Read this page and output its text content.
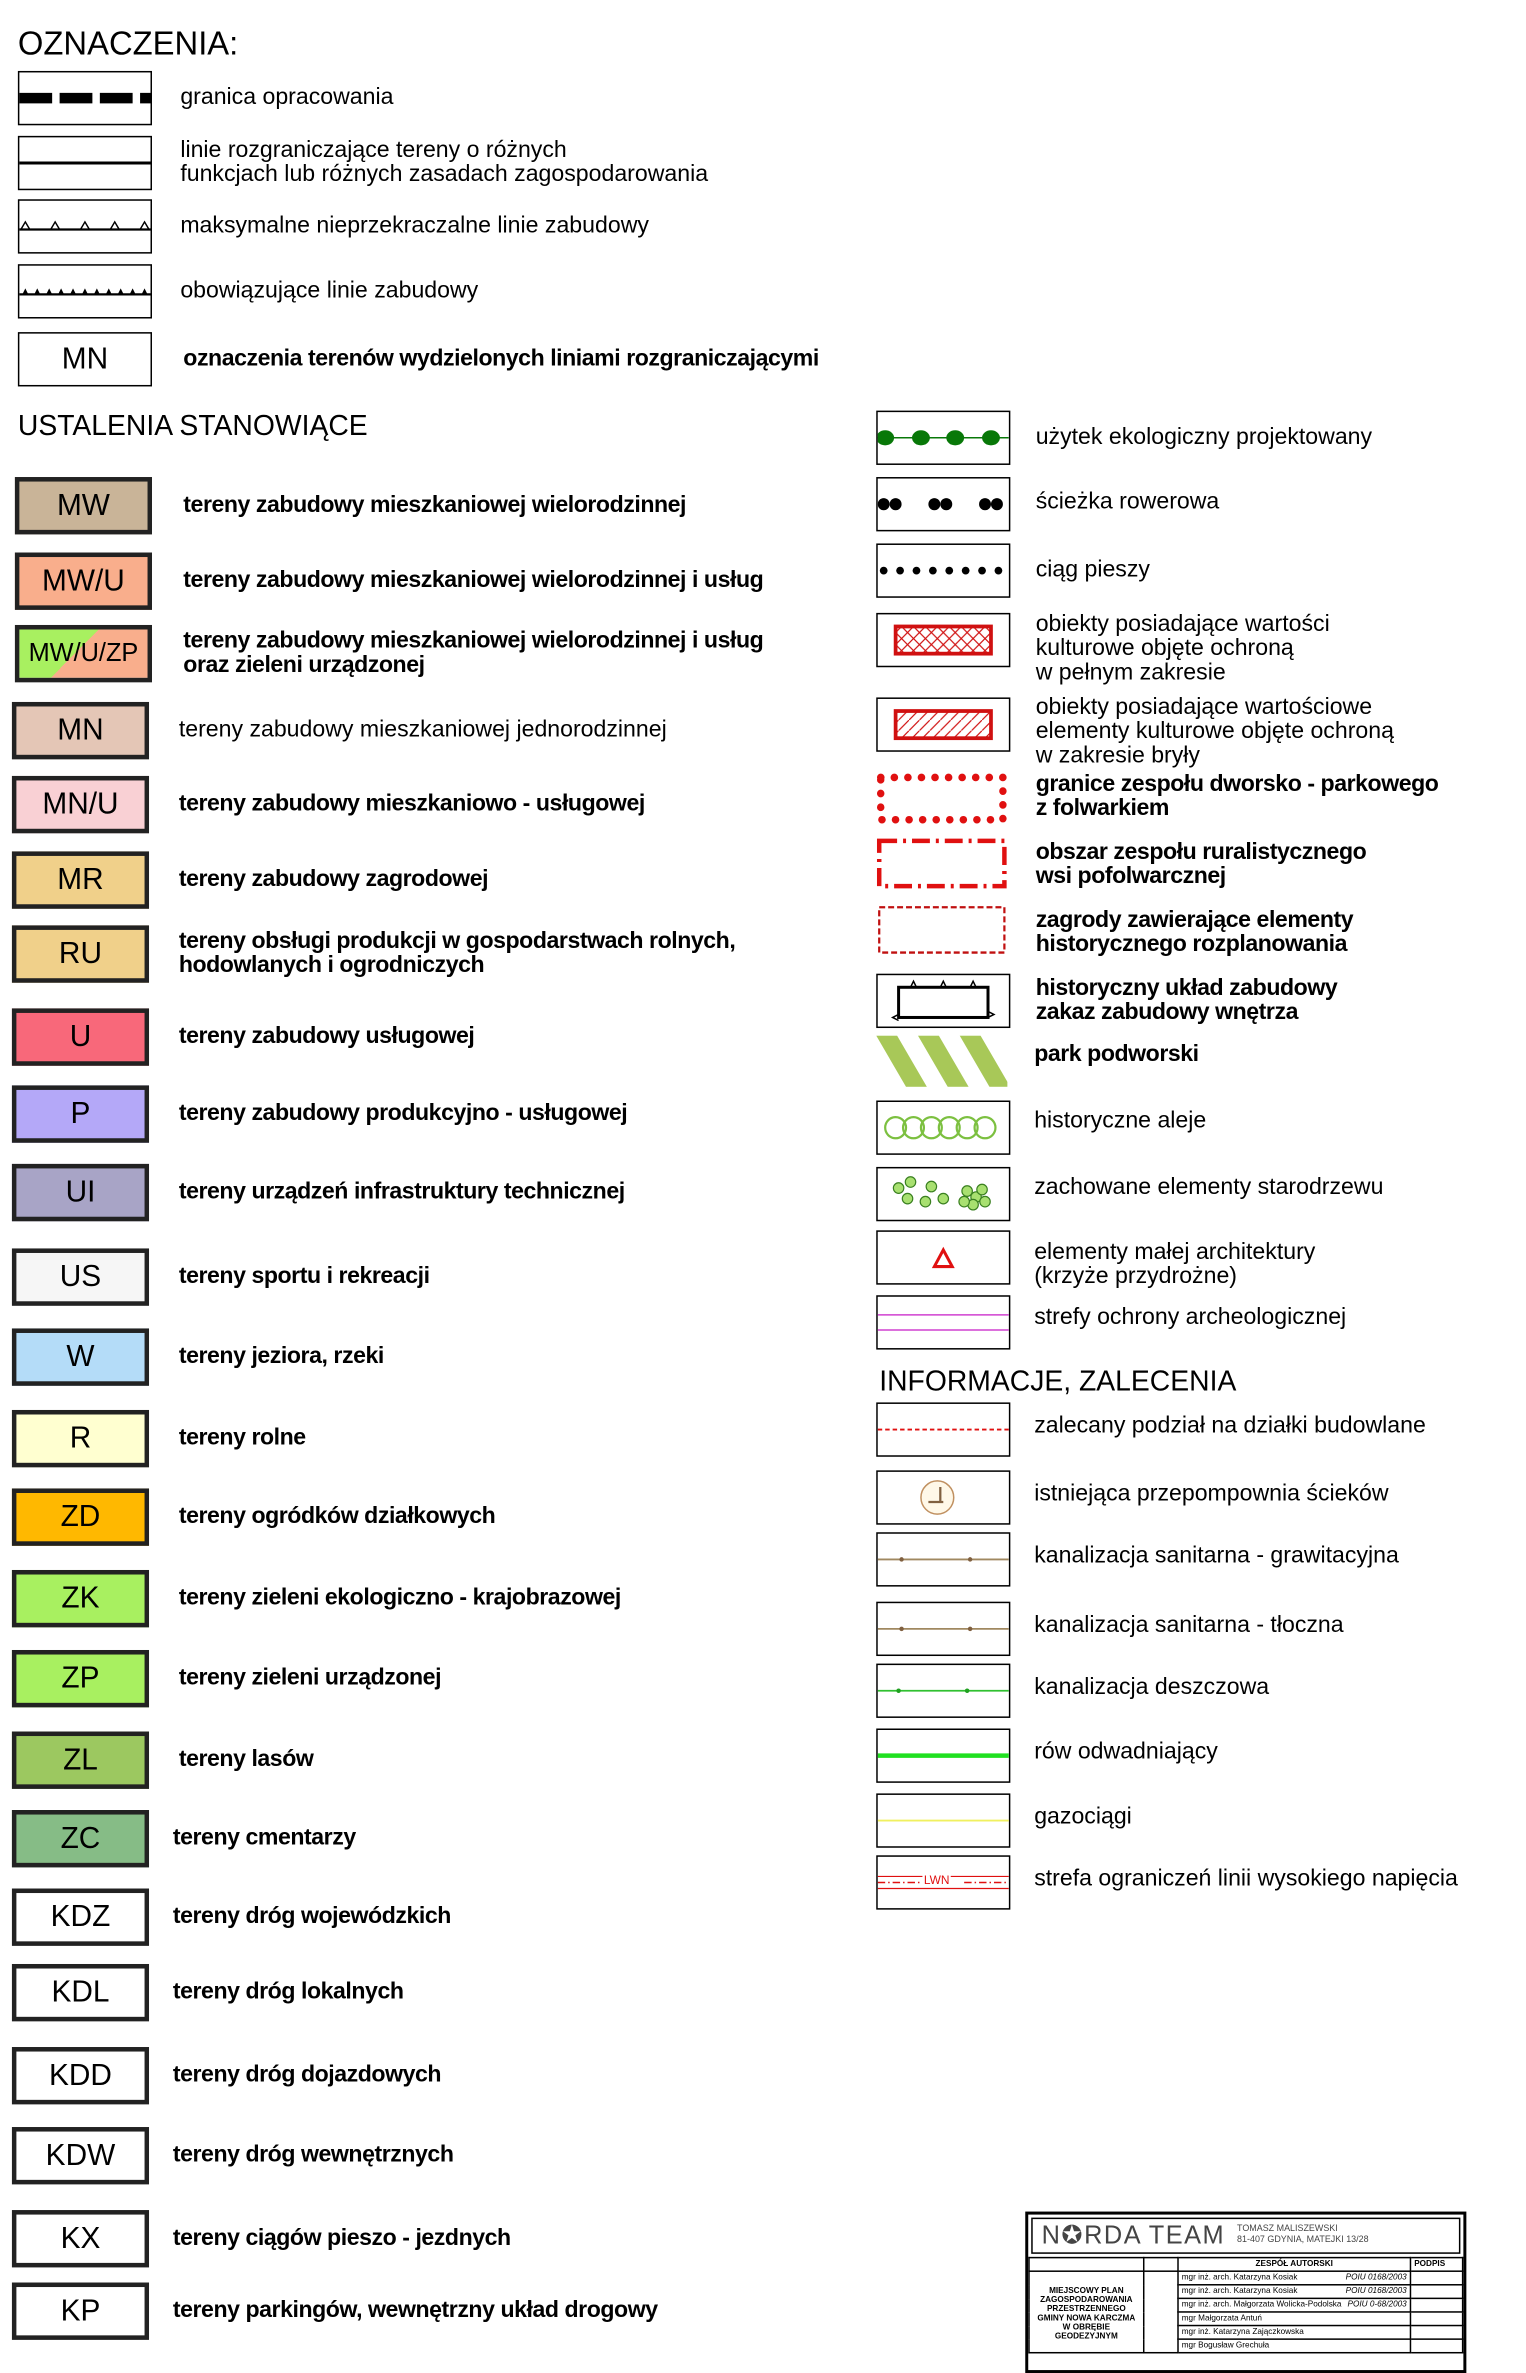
OZNACZENIA:
granica opracowania
linie rozgraniczające tereny o różnych
funkcjach lub różnych zasadach zagospodarowania
maksymalne nieprzekraczalne linie zabudowy
obowiązujące linie zabudowy
MN	oznaczenia terenów wydzielonych liniami rozgraniczającymi
USTALENIA STANOWIĄCE
MW	tereny zabudowy mieszkaniowej wielorodzinnej
MW/U	tereny zabudowy mieszkaniowej wielorodzinnej i usług
MW/U/ZP	tereny zabudowy mieszkaniowej wielorodzinnej i usług
oraz zieleni urządzonej
MN	tereny zabudowy mieszkaniowej jednorodzinnej
MN/U	tereny zabudowy mieszkaniowo - usługowej
MR	tereny zabudowy zagrodowej
RU	tereny obsługi produkcji w gospodarstwach rolnych,
hodowlanych i ogrodniczych
U	tereny zabudowy usługowej
P	tereny zabudowy produkcyjno - usługowej
UI	tereny urządzeń infrastruktury technicznej
US	tereny sportu i rekreacji
W	tereny jeziora, rzeki
R	tereny rolne
ZD	tereny ogródków działkowych
ZK	tereny zieleni ekologiczno - krajobrazowej
ZP	tereny zieleni urządzonej
ZL	tereny lasów
ZC	tereny cmentarzy
KDZ	tereny dróg wojewódzkich
KDL	tereny dróg lokalnych
KDD	tereny dróg dojazdowych
KDW	tereny dróg wewnętrznych
KX	tereny ciągów pieszo - jezdnych
KP	tereny parkingów, wewnętrzny układ drogowy
użytek ekologiczny projektowany
ścieżka rowerowa
ciąg pieszy
obiekty posiadające wartości
kulturowe objęte ochroną
w pełnym zakresie
obiekty posiadające wartościowe
elementy kulturowe objęte ochroną
w zakresie bryły
granice zespołu dworsko - parkowego
z folwarkiem
obszar zespołu ruralistycznego
wsi pofolwarcznej
zagrody zawierające elementy
historycznego rozplanowania
historyczny układ zabudowy
zakaz zabudowy wnętrza
park podworski
historyczne aleje
zachowane elementy starodrzewu
elementy małej architektury
(krzyże przydrożne)
strefy ochrony archeologicznej
INFORMACJE, ZALECENIA
zalecany podział na działki budowlane
istniejąca przepompownia ścieków
kanalizacja sanitarna - grawitacyjna
kanalizacja sanitarna - tłoczna
kanalizacja deszczowa
rów odwadniający
gazociągi
LWN	strefa ograniczeń linii wysokiego napięcia
N✪RDA TEAM TOMASZ MALISZEWSKI
81-407 GDYNIA, MATEJKI 13/28
		ZESPÓŁ AUTORSKI	PODPIS
MIEJSCOWY PLAN ZAGOSPODAROWANIA PRZESTRZENNEGO GMINY NOWA KARCZMA W OBRĘBIE GEODEZYJNYM		mgr inż. arch. Katarzyna Kosiak POIU 0168/2003	

		mgr inż. arch. Katarzyna Kosiak POIU 0168/2003	

		mgr inż. arch. Małgorzata Wolicka-Podolska POIU 0-68/2003	

		mgr Małgorzata Antuń

		mgr inż. Katarzyna Zajączkowska

		mgr Bogusław Grechuła
